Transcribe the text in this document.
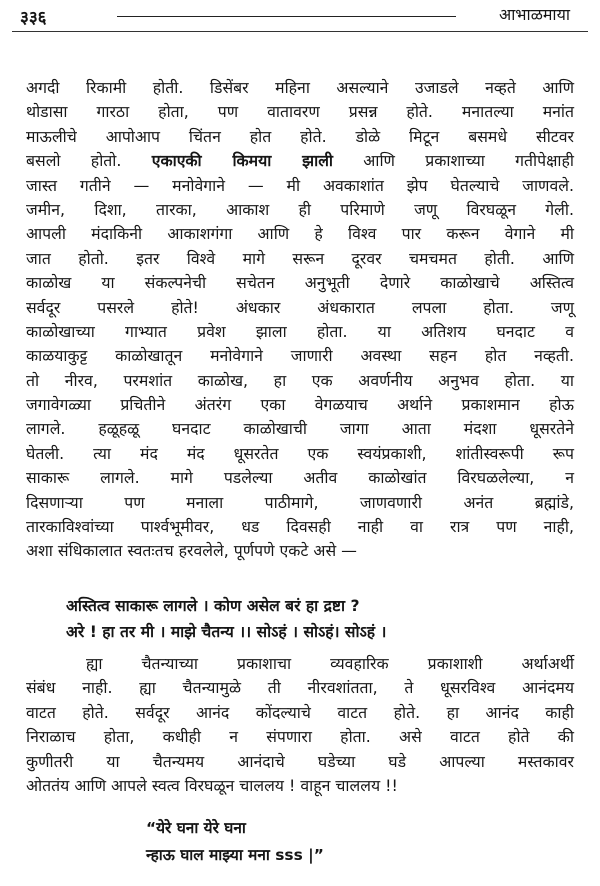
३३६	आभाळमाया
अगदी रिकामी होती. डिसेंबर महिना असल्याने उजाडले नव्हते आणि
थोडासा गारठा होता, पण वातावरण प्रसन्न होते. मनातल्या मनांत
माऊलीचे आपोआप चिंतन होत होते. डोळे मिटून बसमधे सीटवर
बसलो होतो. एकाएकी किमया झाली आणि प्रकाशाच्या गतीपेक्षाही
जास्त गतीने — मनोवेगाने — मी अवकाशांत झेप घेतल्याचे जाणवले.
जमीन, दिशा, तारका, आकाश ही परिमाणे जणू विरघळून गेली.
आपली मंदाकिनी आकाशगंगा आणि हे विश्व पार करून वेगाने मी
जात होतो. इतर विश्वे मागे सरून दूरवर चमचमत होती. आणि
काळोख या संकल्पनेची सचेतन अनुभूती देणारे काळोखाचे अस्तित्व
सर्वदूर पसरले होते! अंधकार अंधकारात लपला होता. जणू
काळोखाच्या गाभ्यात प्रवेश झाला होता. या अतिशय घनदाट व
काळयाकुट्ट काळोखातून मनोवेगाने जाणारी अवस्था सहन होत नव्हती.
तो नीरव, परमशांत काळोख, हा एक अवर्णनीय अनुभव होता. या
जगावेगळ्या प्रचितीने अंतरंग एका वेगळयाच अर्थाने प्रकाशमान होऊ
लागले. हळूहळू घनदाट काळोखाची जागा आता मंदशा धूसरतेने
घेतली. त्या मंद मंद धूसरतेत एक स्वयंप्रकाशी, शांतीस्वरूपी रूप
साकारू लागले. मागे पडलेल्या अतीव काळोखांत विरघळलेल्या, न
दिसणाऱ्या पण मनाला पाठीमागे, जाणवणारी अनंत ब्रह्मांडे,
तारकाविश्वांच्या पार्श्वभूमीवर, धड दिवसही नाही वा रात्र पण नाही,
अशा संधिकालात स्वतःतच हरवलेले, पूर्णपणे एकटे असे —
अस्तित्व साकारू लागले । कोण असेल बरं हा द्रष्टा ?
अरे ! हा तर मी । माझे चैतन्य ।। सोऽहं । सोऽहं। सोऽहं ।
ह्या चैतन्याच्या प्रकाशाचा व्यवहारिक प्रकाशाशी अर्थाअर्थी
संबंध नाही. ह्या चैतन्यामुळे ती नीरवशांतता, ते धूसरविश्व आनंदमय
वाटत होते. सर्वदूर आनंद कोंदल्याचे वाटत होते. हा आनंद काही
निराळाच होता, कधीही न संपणारा होता. असे वाटत होते की
कुणीतरी या चैतन्यमय आनंदाचे घडेच्या घडे आपल्या मस्तकावर
ओततंय आणि आपले स्वत्व विरघळून चाललय ! वाहून चाललय !!
“येरे घना येरे घना
न्हाऊ घाल माझ्या मना sss |”
